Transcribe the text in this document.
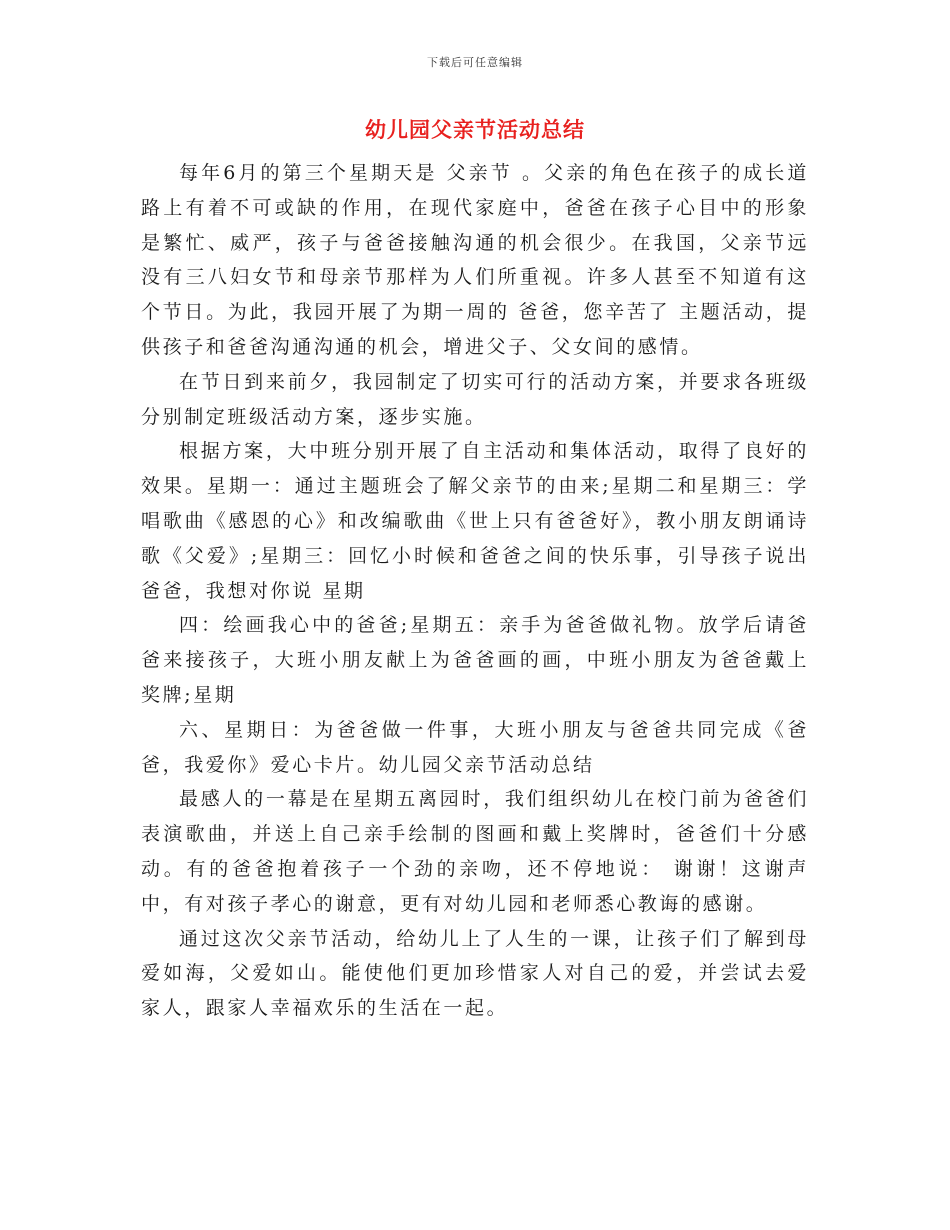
下载后可任意编辑
幼儿园父亲节活动总结

每年6月的第三个星期天是 父亲节 。父亲的角色在孩子的成长道路上有着不可或缺的作用，在现代家庭中，爸爸在孩子心目中的形象是繁忙、威严，孩子与爸爸接触沟通的机会很少。在我国，父亲节远没有三八妇女节和母亲节那样为人们所重视。许多人甚至不知道有这个节日。为此，我园开展了为期一周的 爸爸，您辛苦了 主题活动，提供孩子和爸爸沟通沟通的机会，增进父子、父女间的感情。

在节日到来前夕，我园制定了切实可行的活动方案，并要求各班级分别制定班级活动方案，逐步实施。

根据方案，大中班分别开展了自主活动和集体活动，取得了良好的效果。星期一：通过主题班会了解父亲节的由来;星期二和星期三：学唱歌曲《感恩的心》和改编歌曲《世上只有爸爸好》，教小朋友朗诵诗歌《父爱》;星期三：回忆小时候和爸爸之间的快乐事，引导孩子说出 爸爸，我想对你说 星期

四：绘画我心中的爸爸;星期五：亲手为爸爸做礼物。放学后请爸爸来接孩子，大班小朋友献上为爸爸画的画，中班小朋友为爸爸戴上奖牌;星期

六、星期日：为爸爸做一件事，大班小朋友与爸爸共同完成《爸爸，我爱你》爱心卡片。幼儿园父亲节活动总结

最感人的一幕是在星期五离园时，我们组织幼儿在校门前为爸爸们表演歌曲，并送上自己亲手绘制的图画和戴上奖牌时，爸爸们十分感动。有的爸爸抱着孩子一个劲的亲吻，还不停地说： 谢谢！这谢声中，有对孩子孝心的谢意，更有对幼儿园和老师悉心教诲的感谢。

通过这次父亲节活动，给幼儿上了人生的一课，让孩子们了解到母爱如海，父爱如山。能使他们更加珍惜家人对自己的爱，并尝试去爱家人，跟家人幸福欢乐的生活在一起。
